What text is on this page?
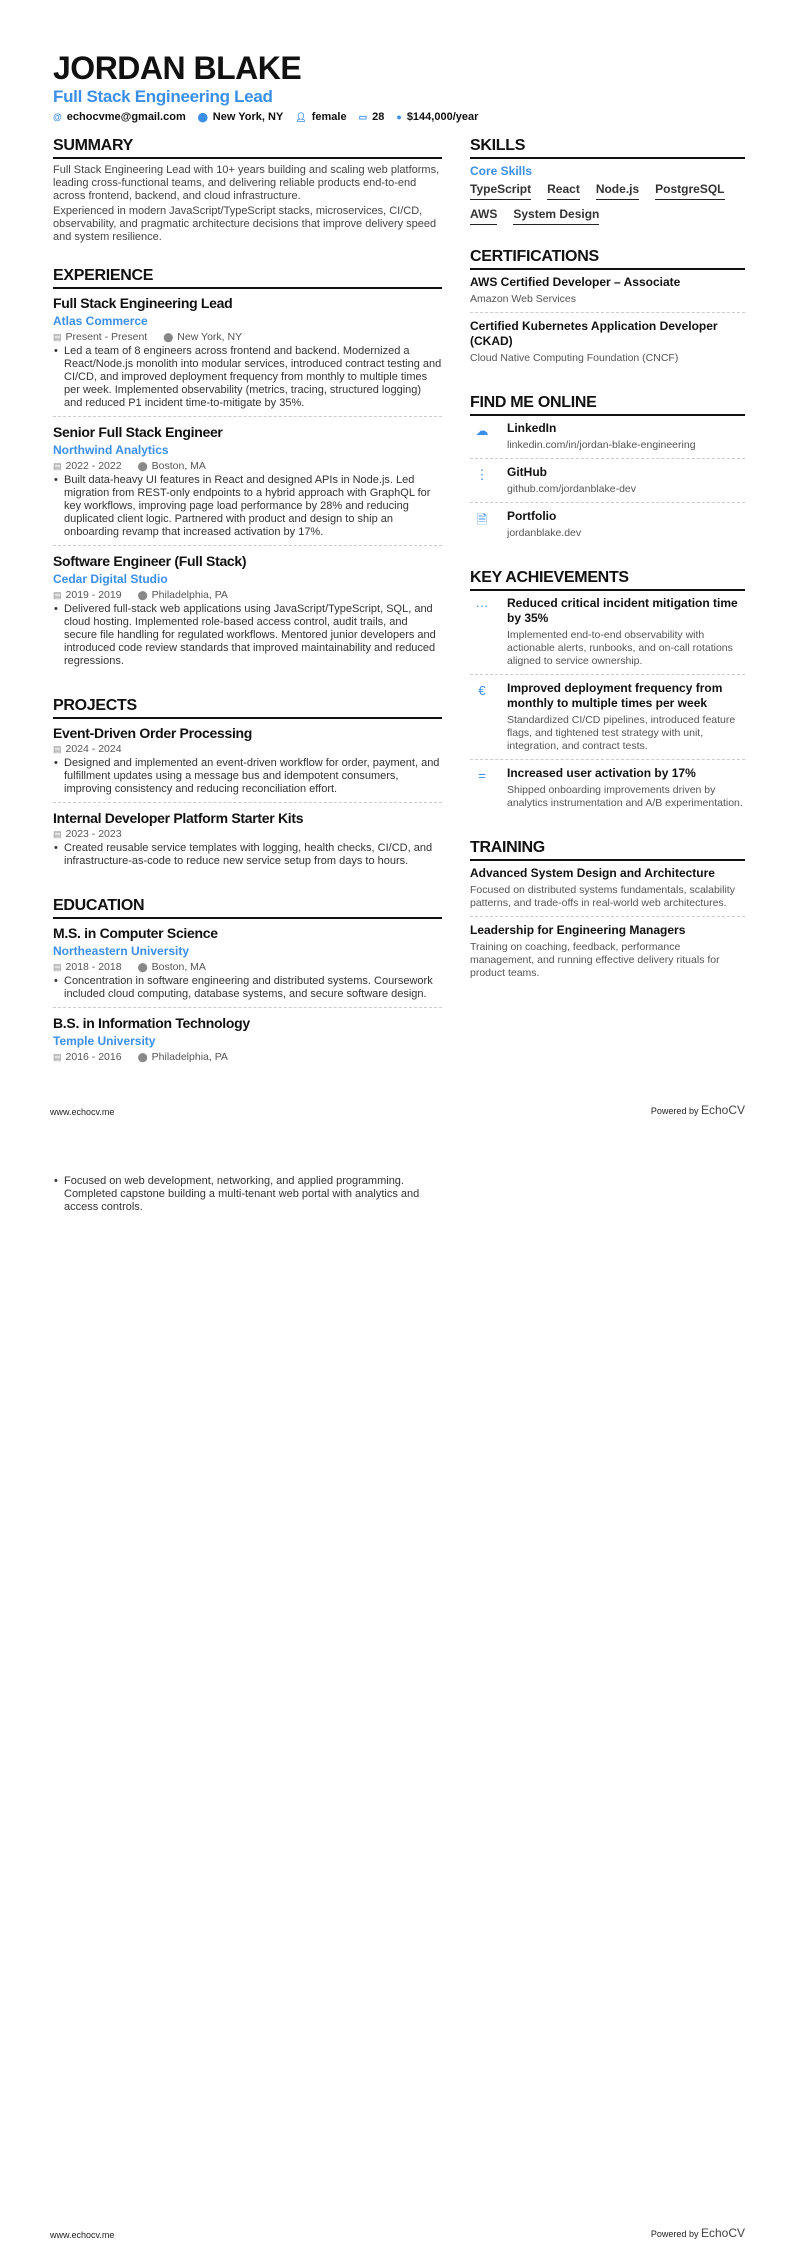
JORDAN BLAKE
Full Stack Engineering Lead
@ echocvme@gmail.com ⬤ New York, NY 👤︎ female ▭ 28 ● $144,000/year
SUMMARY

Full Stack Engineering Lead with 10+ years building and scaling web platforms, leading cross-functional teams, and delivering reliable products end-to-end across frontend, backend, and cloud infrastructure.

Experienced in modern JavaScript/TypeScript stacks, microservices, CI/CD, observability, and pragmatic architecture decisions that improve delivery speed and system resilience.

EXPERIENCE
Full Stack Engineering Lead
Atlas Commerce
▤ Present - Present ⬤ New York, NY
• Led a team of 8 engineers across frontend and backend. Modernized a React/Node.js monolith into modular services, introduced contract testing and CI/CD, and improved deployment frequency from monthly to multiple times per week. Implemented observability (metrics, tracing, structured logging) and reduced P1 incident time-to-mitigate by 35%.
Senior Full Stack Engineer
Northwind Analytics
▤ 2022 - 2022 ⬤ Boston, MA
• Built data-heavy UI features in React and designed APIs in Node.js. Led migration from REST-only endpoints to a hybrid approach with GraphQL for key workflows, improving page load performance by 28% and reducing duplicated client logic. Partnered with product and design to ship an onboarding revamp that increased activation by 17%.
Software Engineer (Full Stack)
Cedar Digital Studio
▤ 2019 - 2019 ⬤ Philadelphia, PA
• Delivered full-stack web applications using JavaScript/TypeScript, SQL, and cloud hosting. Implemented role-based access control, audit trails, and secure file handling for regulated workflows. Mentored junior developers and introduced code review standards that improved maintainability and reduced regressions.
PROJECTS
Event-Driven Order Processing
▤ 2024 - 2024
• Designed and implemented an event-driven workflow for order, payment, and fulfillment updates using a message bus and idempotent consumers, improving consistency and reducing reconciliation effort.
Internal Developer Platform Starter Kits
▤ 2023 - 2023
• Created reusable service templates with logging, health checks, CI/CD, and infrastructure-as-code to reduce new service setup from days to hours.
EDUCATION
M.S. in Computer Science
Northeastern University
▤ 2018 - 2018 ⬤ Boston, MA
• Concentration in software engineering and distributed systems. Coursework included cloud computing, database systems, and secure software design.
B.S. in Information Technology
Temple University
▤ 2016 - 2016 ⬤ Philadelphia, PA
SKILLS
Core Skills
TypeScript React Node.js PostgreSQL
AWS System Design
CERTIFICATIONS
AWS Certified Developer – Associate
Amazon Web Services
Certified Kubernetes Application Developer (CKAD)
Cloud Native Computing Foundation (CNCF)
FIND ME ONLINE
☁	LinkedIn
linkedin.com/in/jordan-blake-engineering
⋮	GitHub
github.com/jordanblake-dev
🗎︎	Portfolio
jordanblake.dev
KEY ACHIEVEMENTS
···	Reduced critical incident mitigation time by 35%
Implemented end-to-end observability with actionable alerts, runbooks, and on-call rotations aligned to service ownership.
€	Improved deployment frequency from monthly to multiple times per week
Standardized CI/CD pipelines, introduced feature flags, and tightened test strategy with unit, integration, and contract tests.
=	Increased user activation by 17%
Shipped onboarding improvements driven by analytics instrumentation and A/B experimentation.
TRAINING
Advanced System Design and Architecture
Focused on distributed systems fundamentals, scalability patterns, and trade-offs in real-world web architectures.
Leadership for Engineering Managers
Training on coaching, feedback, performance management, and running effective delivery rituals for product teams.
www.echocv.me	Powered by EchoCV
• Focused on web development, networking, and applied programming. Completed capstone building a multi-tenant web portal with analytics and access controls.
www.echocv.me	Powered by EchoCV
